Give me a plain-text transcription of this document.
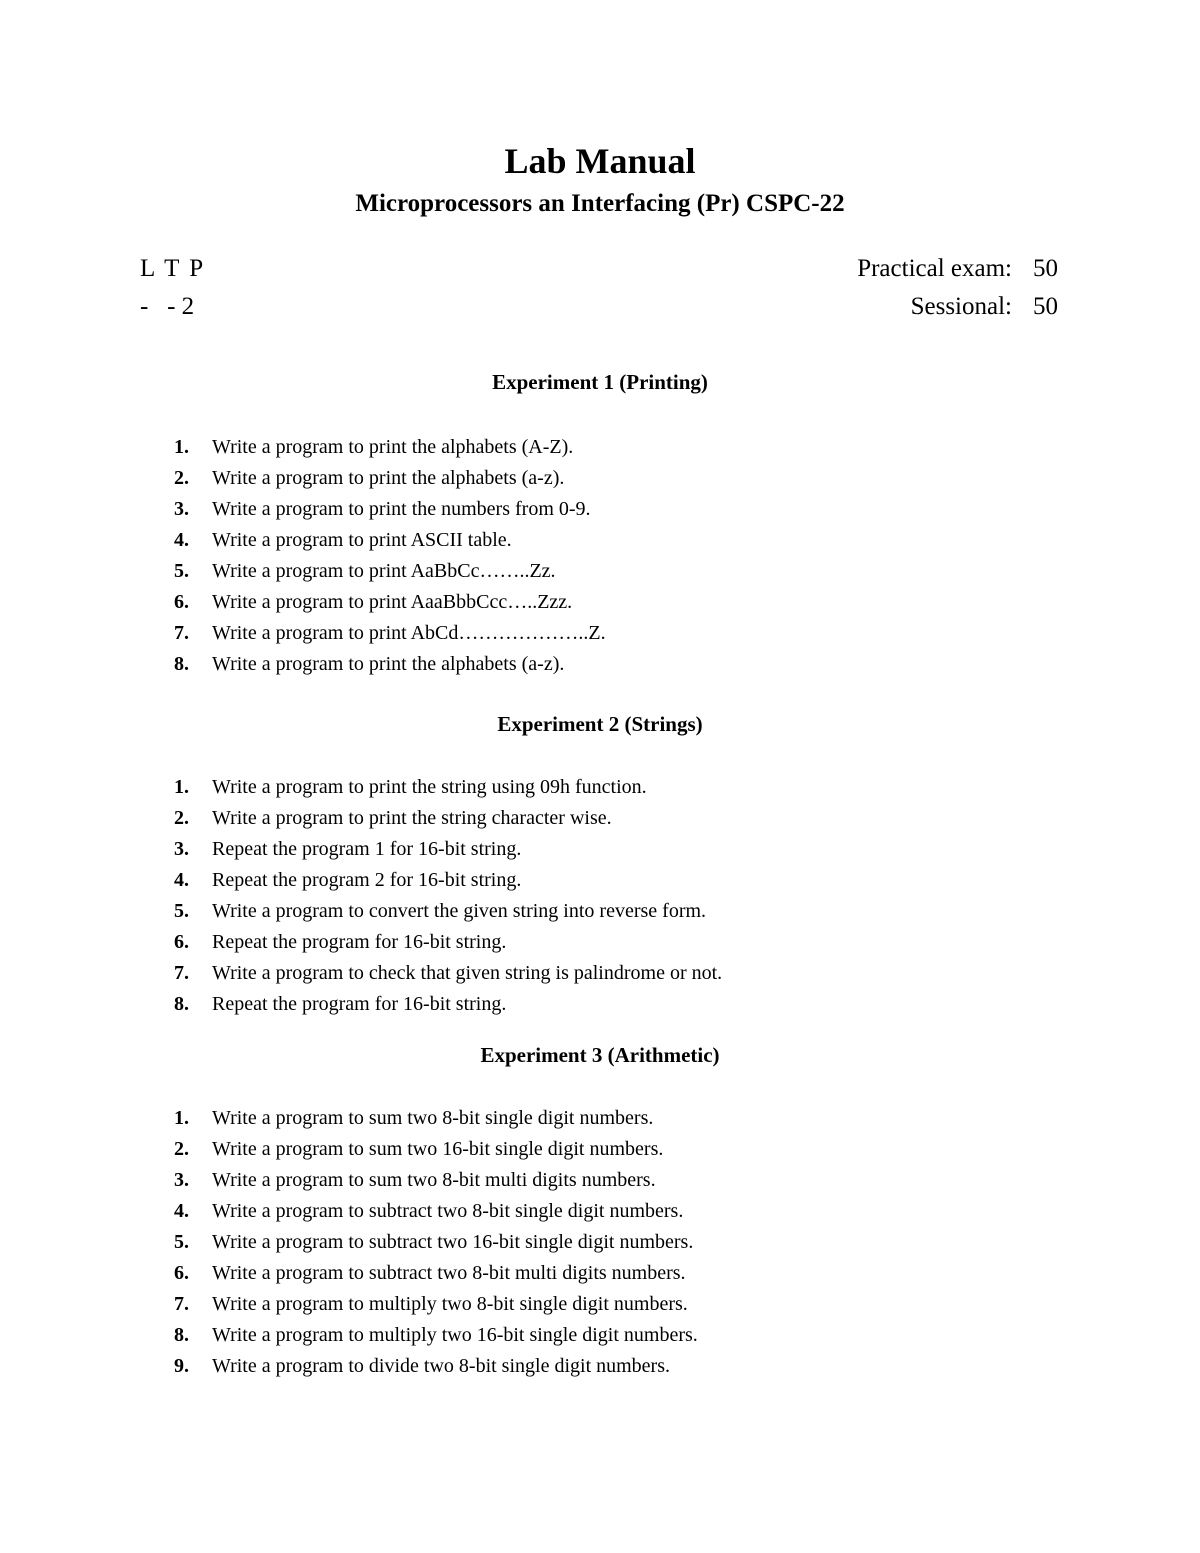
Lab Manual
Microprocessors an Interfacing (Pr) CSPC-22
L T P
-   - 2
Practical exam: 50
Sessional: 50
Experiment 1 (Printing)
1. Write a program to print the alphabets (A-Z).
2. Write a program to print the alphabets (a-z).
3. Write a program to print the numbers from 0-9.
4. Write a program to print ASCII table.
5. Write a program to print AaBbCc……..Zz.
6. Write a program to print AaaBbbCcc…..Zzz.
7. Write a program to print AbCd………………..Z.
8. Write a program to print the alphabets (a-z).
Experiment 2 (Strings)
1. Write a program to print the string using 09h function.
2. Write a program to print the string character wise.
3. Repeat the program 1 for 16-bit string.
4. Repeat the program 2 for 16-bit string.
5. Write a program to convert the given string into reverse form.
6. Repeat the program for 16-bit string.
7. Write a program to check that given string is palindrome or not.
8. Repeat the program for 16-bit string.
Experiment 3 (Arithmetic)
1. Write a program to sum two 8-bit single digit numbers.
2. Write a program to sum two 16-bit single digit numbers.
3. Write a program to sum two 8-bit multi digits numbers.
4. Write a program to subtract two 8-bit single digit numbers.
5. Write a program to subtract two 16-bit single digit numbers.
6. Write a program to subtract two 8-bit multi digits numbers.
7. Write a program to multiply two 8-bit single digit numbers.
8. Write a program to multiply two 16-bit single digit numbers.
9. Write a program to divide two 8-bit single digit numbers.
